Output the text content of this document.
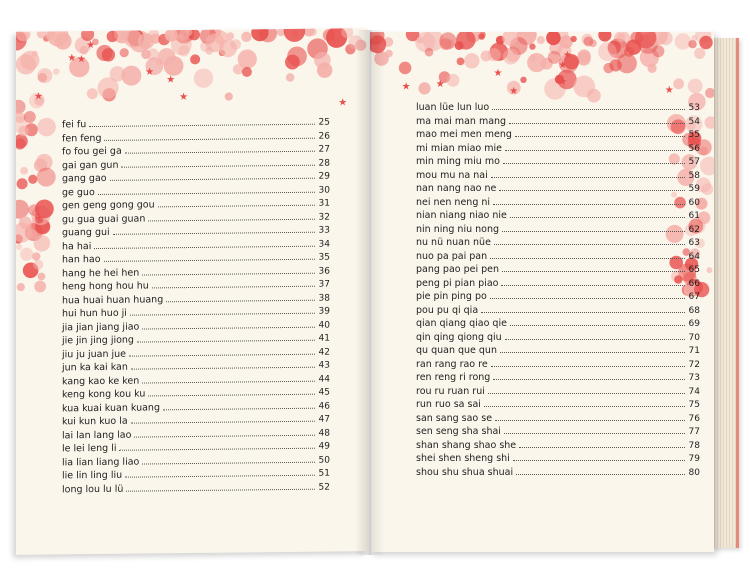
★
★
★
★	★
★
★
★
fei fu	25
fen feng	26
fo fou gei ga	27
gai gan gun	28
gang gao	29
ge guo	30
gen geng gong gou	31
gu gua guai guan	32
guang gui	33
ha hai	34
han hao	35
hang he hei hen	36
heng hong hou hu	37
hua huai huan huang	38
hui hun huo ji	39
jia jian jiang jiao	40
jie jin jing jiong	41
jiu ju juan jue	42
jun ka kai kan	43
kang kao ke ken	44
keng kong kou ku	45
kua kuai kuan kuang	46
kui kun kuo la	47
lai lan lang lao	48
le lei leng li	49
lia lian liang liao	50
lie lin ling liu	51
long lou lu lü	52
★
★
★
★
★	★
★
★
luan lüe lun luo	53
ma mai man mang	54
mao mei men meng	55
mi mian miao mie	56
min ming miu mo	57
mou mu na nai	58
nan nang nao ne	59
nei nen neng ni	60
nian niang niao nie	61
nin ning niu nong	62
nu nü nuan nüe	63
nuo pa pai pan	64
pang pao pei pen	65
peng pi pian piao	66
pie pin ping po	67
pou pu qi qia	68
qian qiang qiao qie	69
qin qing qiong qiu	70
qu quan que qun	71
ran rang rao re	72
ren reng ri rong	73
rou ru ruan rui	74
run ruo sa sai	75
san sang sao se	76
sen seng sha shai	77
shan shang shao she	78
shei shen sheng shi	79
shou shu shua shuai	80
